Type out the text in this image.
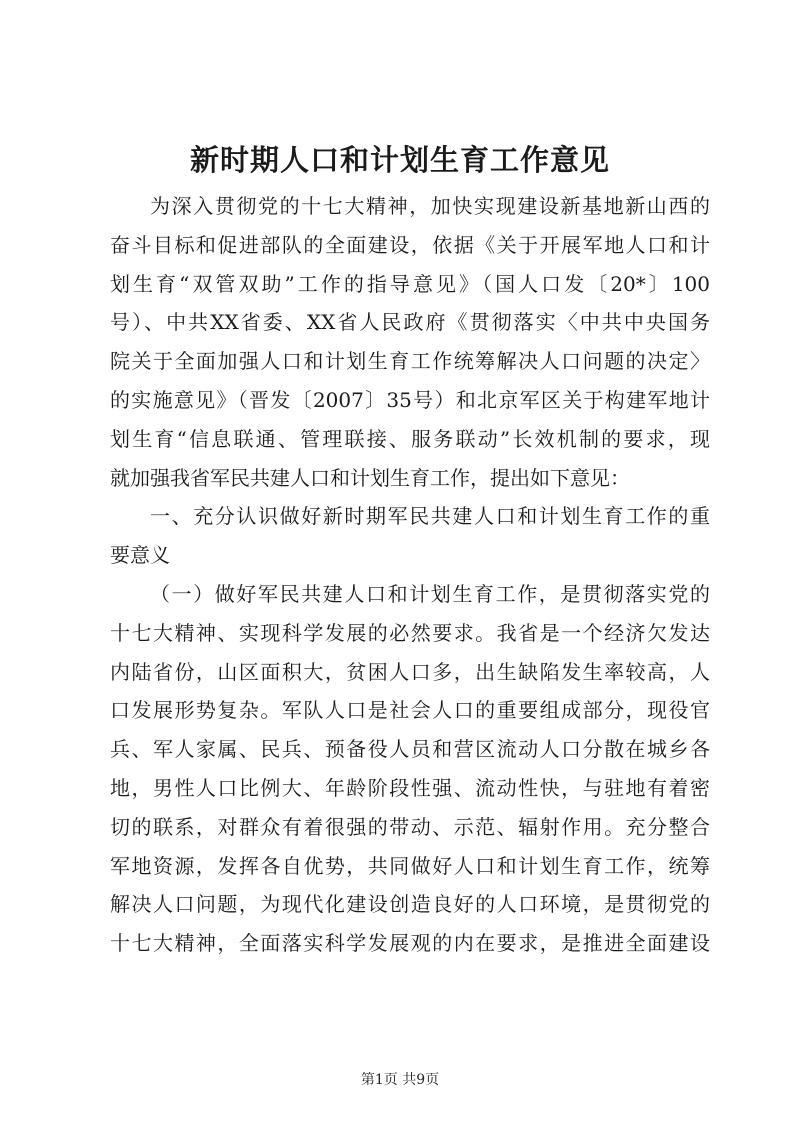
新时期人口和计划生育工作意见
为深入贯彻党的十七大精神，加快实现建设新基地新山西的
奋斗目标和促进部队的全面建设，依据《关于开展军地人口和计
划生育“双管双助”工作的指导意见》（国人口发〔20*〕100
号）、中共XX省委、XX省人民政府《贯彻落实〈中共中央国务
院关于全面加强人口和计划生育工作统筹解决人口问题的决定〉
的实施意见》（晋发〔2007〕35号）和北京军区关于构建军地计
划生育“信息联通、管理联接、服务联动”长效机制的要求，现
就加强我省军民共建人口和计划生育工作，提出如下意见：
一、充分认识做好新时期军民共建人口和计划生育工作的重
要意义
（一）做好军民共建人口和计划生育工作，是贯彻落实党的
十七大精神、实现科学发展的必然要求。我省是一个经济欠发达
内陆省份，山区面积大，贫困人口多，出生缺陷发生率较高，人
口发展形势复杂。军队人口是社会人口的重要组成部分，现役官
兵、军人家属、民兵、预备役人员和营区流动人口分散在城乡各
地，男性人口比例大、年龄阶段性强、流动性快，与驻地有着密
切的联系，对群众有着很强的带动、示范、辐射作用。充分整合
军地资源，发挥各自优势，共同做好人口和计划生育工作，统筹
解决人口问题，为现代化建设创造良好的人口环境，是贯彻党的
十七大精神，全面落实科学发展观的内在要求，是推进全面建设
第1页 共9页
